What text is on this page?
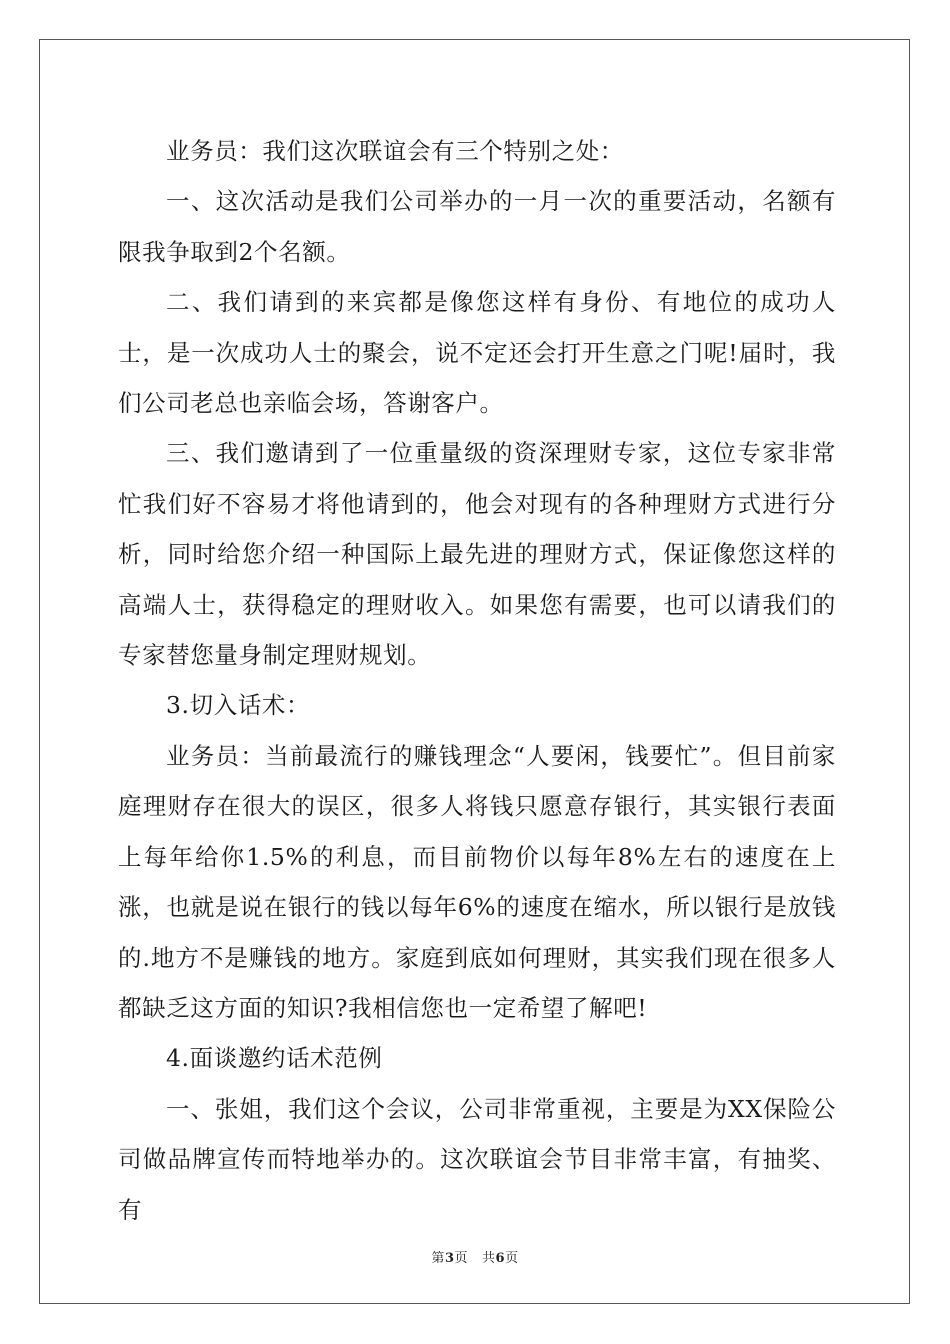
业务员：我们这次联谊会有三个特别之处：

一、这次活动是我们公司举办的一月一次的重要活动，名额有限我争取到2个名额。

二、我们请到的来宾都是像您这样有身份、有地位的成功人士，是一次成功人士的聚会，说不定还会打开生意之门呢!届时，我们公司老总也亲临会场，答谢客户。

三、我们邀请到了一位重量级的资深理财专家，这位专家非常忙我们好不容易才将他请到的，他会对现有的各种理财方式进行分析，同时给您介绍一种国际上最先进的理财方式，保证像您这样的高端人士，获得稳定的理财收入。如果您有需要，也可以请我们的专家替您量身制定理财规划。

3.切入话术：

业务员：当前最流行的赚钱理念“人要闲，钱要忙”。但目前家庭理财存在很大的误区，很多人将钱只愿意存银行，其实银行表面上每年给你1.5%的利息，而目前物价以每年8%左右的速度在上涨，也就是说在银行的钱以每年6%的速度在缩水，所以银行是放钱的.地方不是赚钱的地方。家庭到底如何理财，其实我们现在很多人都缺乏这方面的知识?我相信您也一定希望了解吧!

4.面谈邀约话术范例

一、张姐，我们这个会议，公司非常重视，主要是为XX保险公司做品牌宣传而特地举办的。这次联谊会节目非常丰富，有抽奖、有

第3页 共6页
